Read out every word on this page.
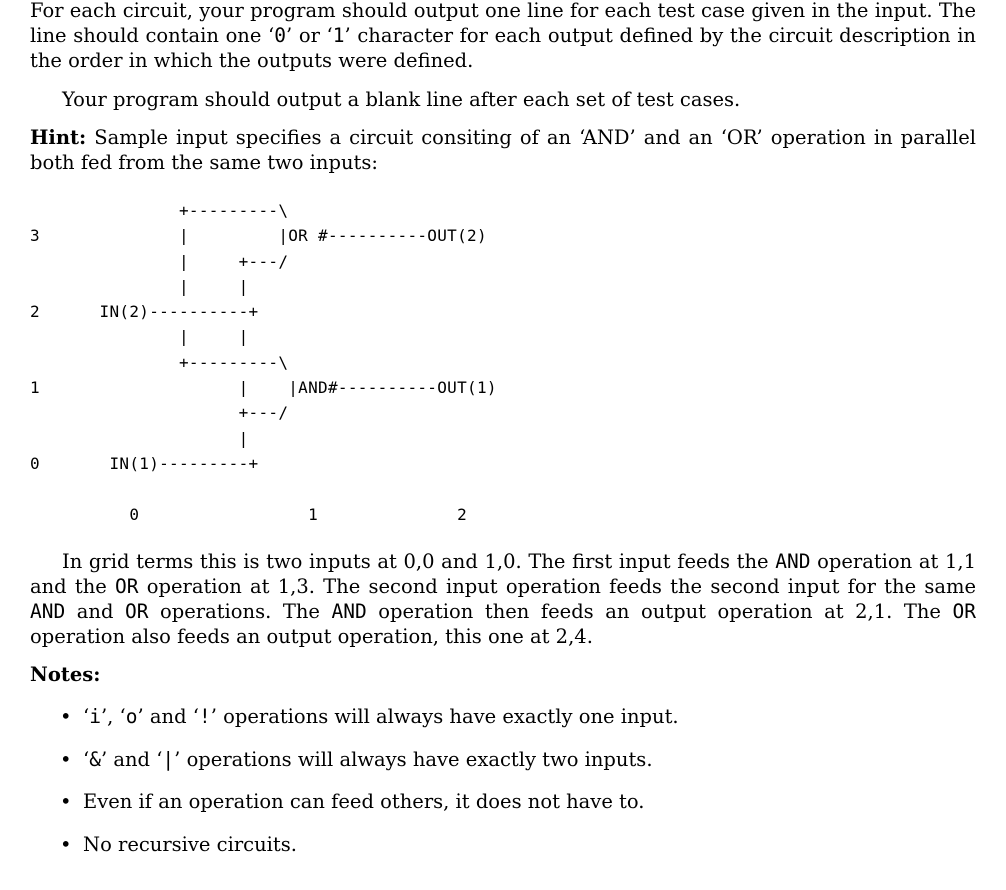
For each circuit, your program should output one line for each test case given in the input. The line should contain one ‘0’ or ‘1’ character for each output defined by the circuit description in the order in which the outputs were defined.

Your program should output a blank line after each set of test cases.

Hint: Sample input specifies a circuit consiting of an ‘AND’ and an ‘OR’ operation in parallel both fed from the same two inputs:

+---------\
3              |         |OR #----------OUT(2)
|     +---/
|     |
2      IN(2)----------+
|     |
+---------\
1                    |    |AND#----------OUT(1)
+---/
|
0       IN(1)---------+

0                 1              2

In grid terms this is two inputs at 0,0 and 1,0. The first input feeds the AND operation at 1,1 and the OR operation at 1,3. The second input operation feeds the second input for the same AND and OR operations. The AND operation then feeds an output operation at 2,1. The OR operation also feeds an output operation, this one at 2,4.

Notes:
• ‘i’, ‘o’ and ‘!’ operations will always have exactly one input.
• ‘&’ and ‘|’ operations will always have exactly two inputs.
• Even if an operation can feed others, it does not have to.
• No recursive circuits.
